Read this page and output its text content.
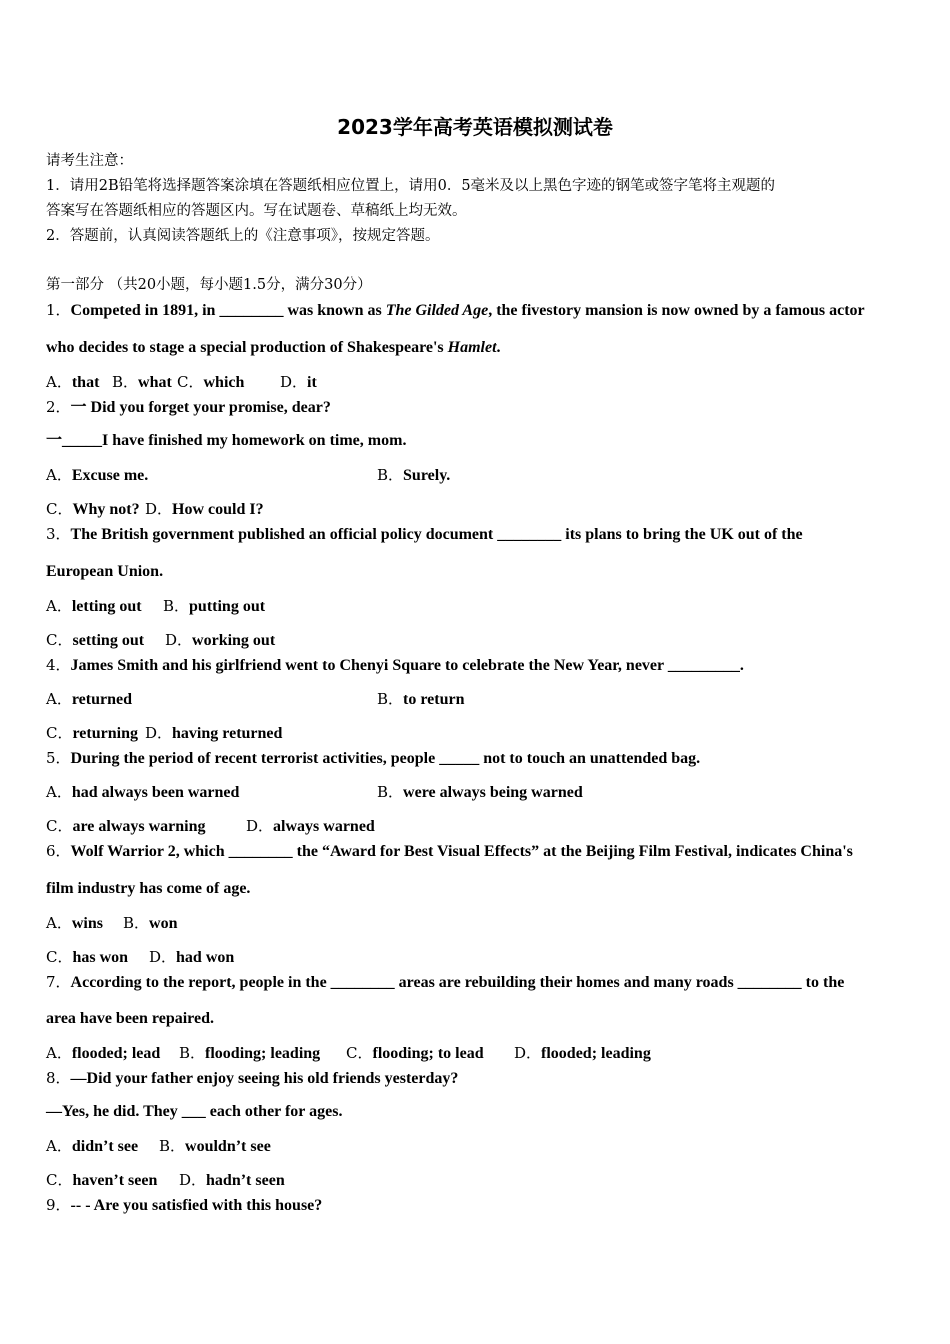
2023学年高考英语模拟测试卷
请考生注意：
1．请用2B铅笔将选择题答案涂填在答题纸相应位置上，请用0．5毫米及以上黑色字迹的钢笔或签字笔将主观题的
答案写在答题纸相应的答题区内。写在试题卷、草稿纸上均无效。
2．答题前，认真阅读答题纸上的《注意事项》，按规定答题。
第一部分 （共20小题，每小题1.5分，满分30分）
1．Competed in 1891, in ________ was known as The Gilded Age, the fivestory mansion is now owned by a famous actor
who decides to stage a special production of Shakespeare's Hamlet.
A．that B．what C．which D．it
2．一 Did you forget your promise, dear?
一_____I have finished my homework on time, mom.
A．Excuse me.	B．Surely.
C．Why not? D．How could I?
3．The British government published an official policy document ________ its plans to bring the UK out of the
European Union.
A．letting out B．putting out
C．setting out D．working out
4．James Smith and his girlfriend went to Chenyi Square to celebrate the New Year, never _________.
A．returned	B．to return
C．returning D．having returned
5．During the period of recent terrorist activities, people _____ not to touch an unattended bag.
A．had always been warned	B．were always being warned
C．are always warning	D．always warned
6．Wolf Warrior 2, which ________ the “Award for Best Visual Effects” at the Beijing Film Festival, indicates China's
film industry has come of age.
A．wins B．won
C．has won D．had won
7．According to the report, people in the ________ areas are rebuilding their homes and many roads ________ to the
area have been repaired.
A．flooded; lead B．flooding; leading C．flooding; to lead D．flooded; leading
8．—Did your father enjoy seeing his old friends yesterday?
—Yes, he did. They ___ each other for ages.
A．didn’t see B．wouldn’t see
C．haven’t seen D．hadn’t seen
9．-- - Are you satisfied with this house?
